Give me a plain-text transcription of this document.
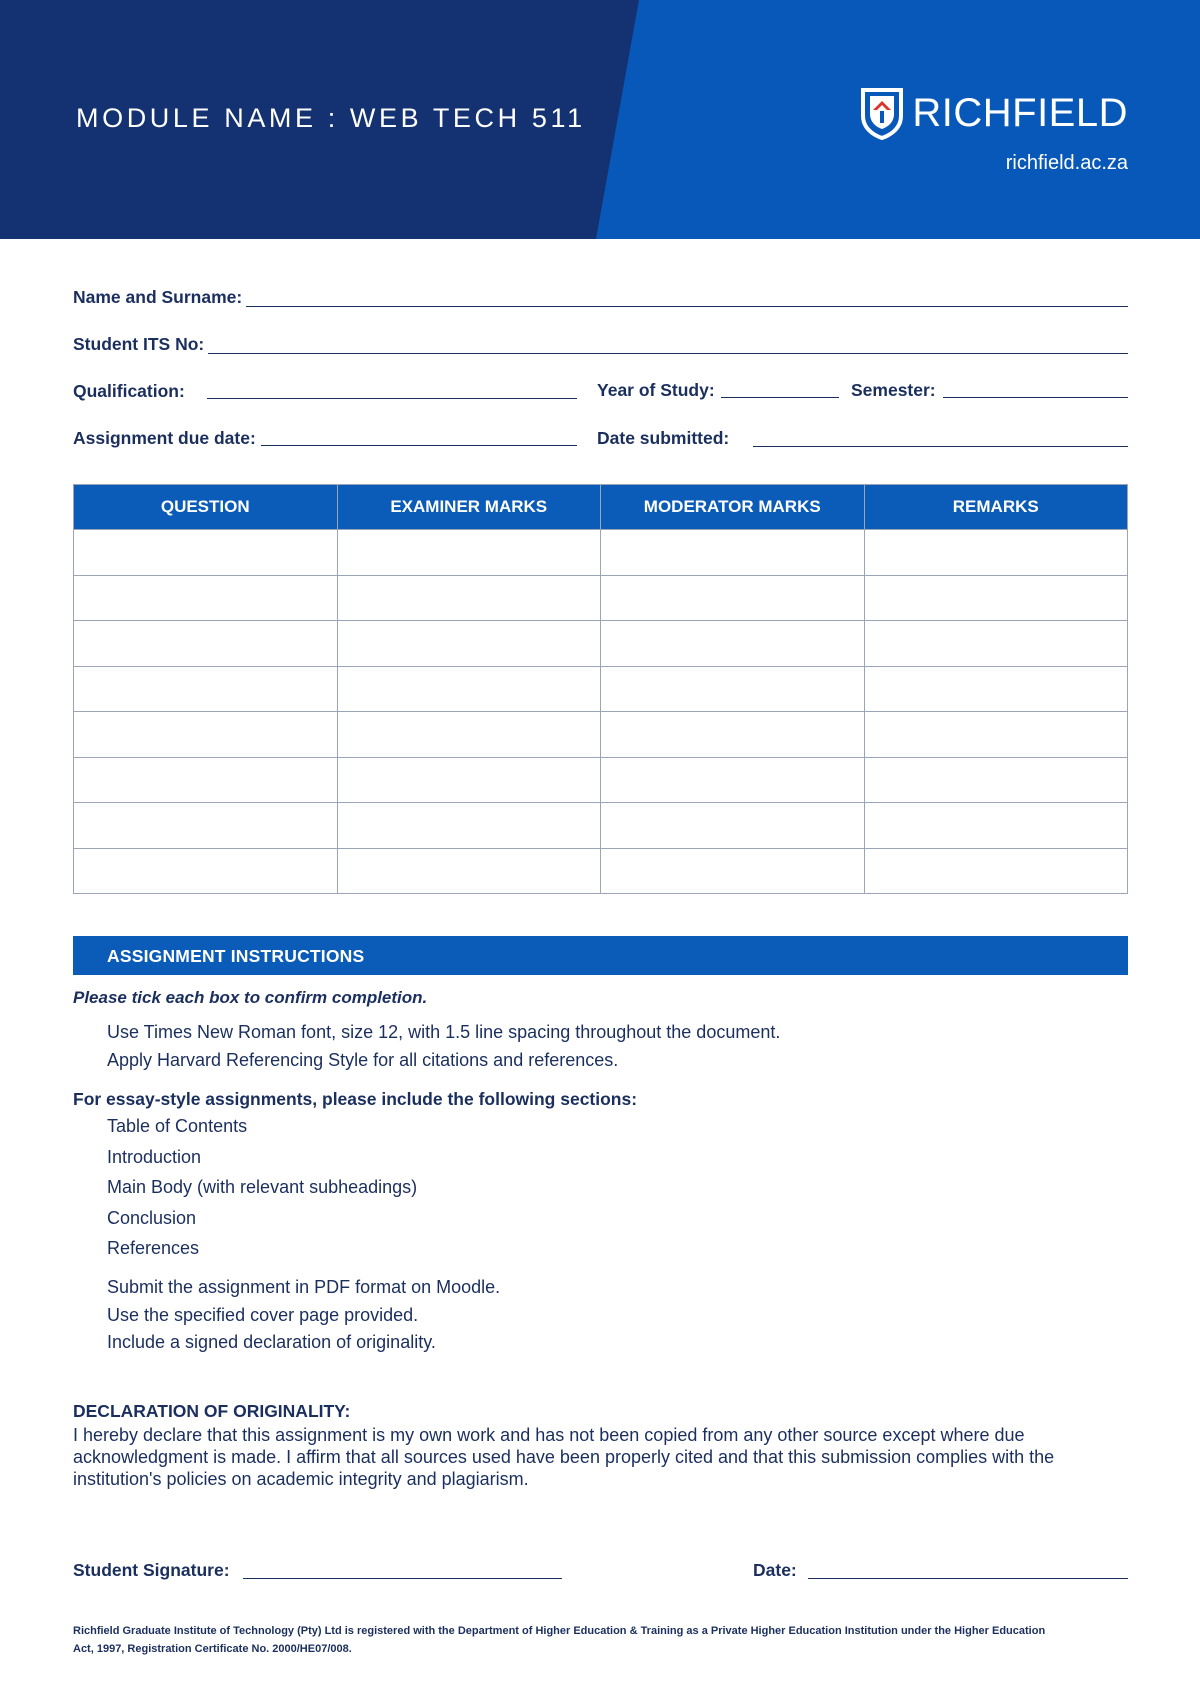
MODULE NAME : WEB TECH 511	RICHFIELD
richfield.ac.za
Name and Surname:
Student ITS No:
Qualification:	Year of Study:	Semester:
Assignment due date:	Date submitted:
QUESTION	EXAMINER MARKS	MODERATOR MARKS	REMARKS

ASSIGNMENT INSTRUCTIONS
Please tick each box to confirm completion.
Use Times New Roman font, size 12, with 1.5 line spacing throughout the document.
Apply Harvard Referencing Style for all citations and references.
For essay-style assignments, please include the following sections:
Table of Contents
Introduction
Main Body (with relevant subheadings)
Conclusion
References
Submit the assignment in PDF format on Moodle.
Use the specified cover page provided.
Include a signed declaration of originality.
DECLARATION OF ORIGINALITY:
I hereby declare that this assignment is my own work and has not been copied from any other source except where due acknowledgment is made. I affirm that all sources used have been properly cited and that this submission complies with the institution's policies on academic integrity and plagiarism.
Student Signature:	Date:
Richfield Graduate Institute of Technology (Pty) Ltd is registered with the Department of Higher Education & Training as a Private Higher Education Institution under the Higher Education Act, 1997, Registration Certificate No. 2000/HE07/008.
